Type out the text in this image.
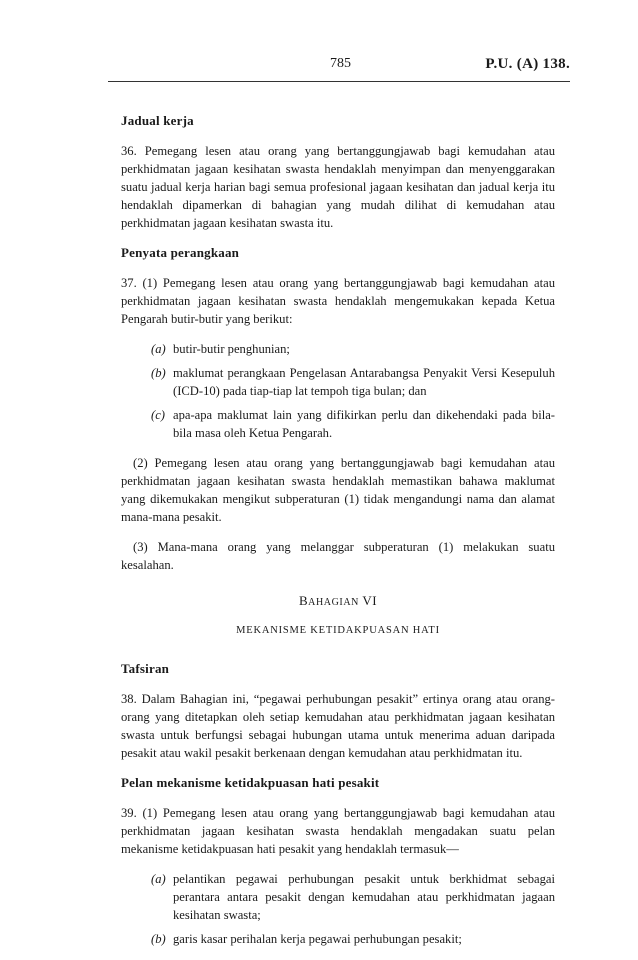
785	P.U. (A) 138.
Jadual kerja

36. Pemegang lesen atau orang yang bertanggungjawab bagi kemudahan atau perkhidmatan jagaan kesihatan swasta hendaklah menyimpan dan menyenggarakan suatu jadual kerja harian bagi semua profesional jagaan kesihatan dan jadual kerja itu hendaklah dipamerkan di bahagian yang mudah dilihat di kemudahan atau perkhidmatan jagaan kesihatan swasta itu.

Penyata perangkaan

37. (1) Pemegang lesen atau orang yang bertanggungjawab bagi kemudahan atau perkhidmatan jagaan kesihatan swasta hendaklah mengemukakan kepada Ketua Pengarah butir-butir yang berikut:

(a) butir-butir penghunian;
(b) maklumat perangkaan Pengelasan Antarabangsa Penyakit Versi Kesepuluh (ICD-10) pada tiap-tiap lat tempoh tiga bulan; dan
(c) apa-apa maklumat lain yang difikirkan perlu dan dikehendaki pada bila-bila masa oleh Ketua Pengarah.

(2) Pemegang lesen atau orang yang bertanggungjawab bagi kemudahan atau perkhidmatan jagaan kesihatan swasta hendaklah memastikan bahawa maklumat yang dikemukakan mengikut subperaturan (1) tidak mengandungi nama dan alamat mana-mana pesakit.

(3) Mana-mana orang yang melanggar subperaturan (1) melakukan suatu kesalahan.

BAHAGIAN VI
MEKANISME KETIDAKPUASAN HATI
Tafsiran

38. Dalam Bahagian ini, “pegawai perhubungan pesakit” ertinya orang atau orang-orang yang ditetapkan oleh setiap kemudahan atau perkhidmatan jagaan kesihatan swasta untuk berfungsi sebagai hubungan utama untuk menerima aduan daripada pesakit atau wakil pesakit berkenaan dengan kemudahan atau perkhidmatan itu.

Pelan mekanisme ketidakpuasan hati pesakit

39. (1) Pemegang lesen atau orang yang bertanggungjawab bagi kemudahan atau perkhidmatan jagaan kesihatan swasta hendaklah mengadakan suatu pelan mekanisme ketidakpuasan hati pesakit yang hendaklah termasuk—

(a) pelantikan pegawai perhubungan pesakit untuk berkhidmat sebagai perantara antara pesakit dengan kemudahan atau perkhidmatan jagaan kesihatan swasta;
(b) garis kasar perihalan kerja pegawai perhubungan pesakit;
